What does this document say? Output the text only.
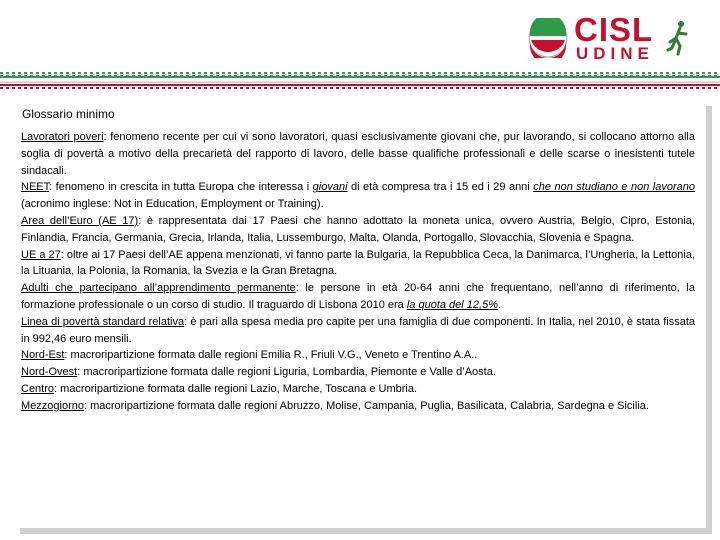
CISL
UDINE
Glossario minimo

Lavoratori poveri: fenomeno recente per cui vi sono lavoratori, quasi esclusivamente giovani che, pur lavorando, si collocano attorno alla soglia di povertà a motivo della precarietà del rapporto di lavoro, delle basse qualifiche professionali e delle scarse o inesistenti tutele sindacali.

NEET: fenomeno in crescita in tutta Europa che interessa i giovani di età compresa tra i 15 ed i 29 anni che non studiano e non lavorano (acronimo inglese: Not in Education, Employment or Training).

Area dell’Euro (AE 17): è rappresentata dai 17 Paesi che hanno adottato la moneta unica, ovvero Austria, Belgio, Cipro, Estonia, Finlandia, Francia, Germania, Grecia, Irlanda, Italia, Lussemburgo, Malta, Olanda, Portogallo, Slovacchia, Slovenia e Spagna.

UE a 27: oltre ai 17 Paesi dell’AE appena menzionati, vi fanno parte la Bulgaria, la Repubblica Ceca, la Danimarca, l’Ungheria, la Lettonia, la Lituania, la Polonia, la Romania, la Svezia e la Gran Bretagna.

Adulti che partecipano all’apprendimento permanente: le persone in età 20-64 anni che frequentano, nell’anno di riferimento, la formazione professionale o un corso di studio. Il traguardo di Lisbona 2010 era la quota del 12,5%.

Linea di povertà standard relativa: è pari alla spesa media pro capite per una famiglia di due componenti. In Italia, nel 2010, è stata fissata in 992,46 euro mensili.

Nord-Est: macroripartizione formata dalle regioni Emilia R., Friuli V.G., Veneto e Trentino A.A..

Nord-Ovest: macroripartizione formata dalle regioni Liguria, Lombardia, Piemonte e Valle d’Aosta.

Centro: macroripartizione formata dalle regioni Lazio, Marche, Toscana e Umbria.

Mezzogiorno: macroripartizione formata dalle regioni Abruzzo, Molise, Campania, Puglia, Basilicata, Calabria, Sardegna e Sicilia.
